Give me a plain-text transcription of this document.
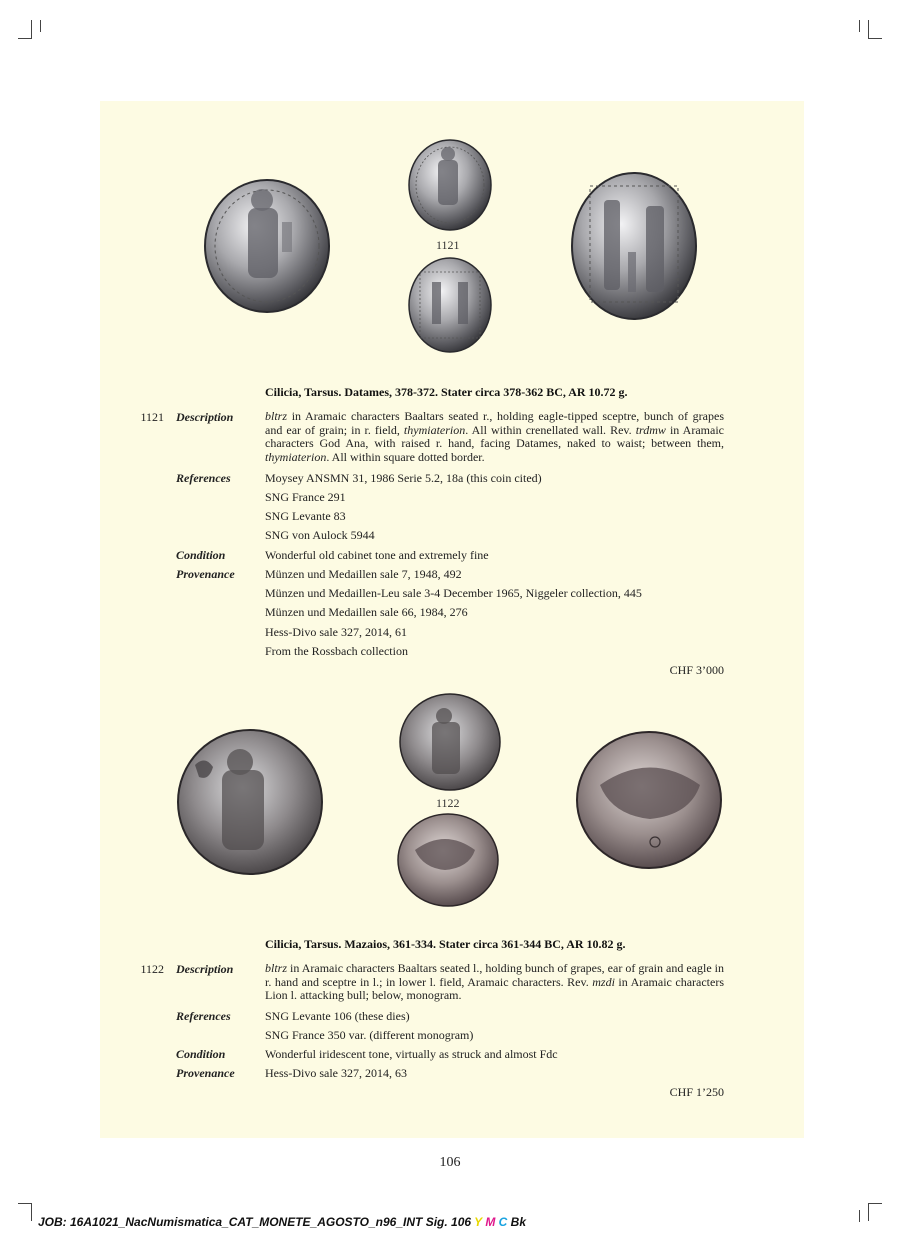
1121
1122
Cilicia, Tarsus. Datames, 378-372. Stater circa 378-362 BC, AR 10.72 g.
1121 Description	bltrz in Aramaic characters Baaltars seated r., holding eagle-tipped sceptre, bunch of grapes and ear of grain; in r. field, thymiaterion. All within crenellated wall. Rev. trdmw in Aramaic characters God Ana, with raised r. hand, facing Datames, naked to waist; between them, thymiaterion. All within square dotted border.
References	Moysey ANSMN 31, 1986 Serie 5.2, 18a (this coin cited)
SNG France 291
SNG Levante 83
SNG von Aulock 5944
Condition	Wonderful old cabinet tone and extremely fine
Provenance	Münzen und Medaillen sale 7, 1948, 492
Münzen und Medaillen-Leu sale 3-4 December 1965, Niggeler collection, 445
Münzen und Medaillen sale 66, 1984, 276
Hess-Divo sale 327, 2014, 61
From the Rossbach collection
CHF 3’000
Cilicia, Tarsus. Mazaios, 361-334. Stater circa 361-344 BC, AR 10.82 g.
1122 Description	bltrz in Aramaic characters Baaltars seated l., holding bunch of grapes, ear of grain and eagle in r. hand and sceptre in l.; in lower l. field, Aramaic characters. Rev. mzdi in Aramaic characters Lion l. attacking bull; below, monogram.
References	SNG Levante 106 (these dies)
SNG France 350 var. (different monogram)
Condition	Wonderful iridescent tone, virtually as struck and almost Fdc
Provenance	Hess-Divo sale 327, 2014, 63
CHF 1’250
106
JOB: 16A1021_NacNumismatica_CAT_MONETE_AGOSTO_n96_INT Sig. 106 Y M C Bk
